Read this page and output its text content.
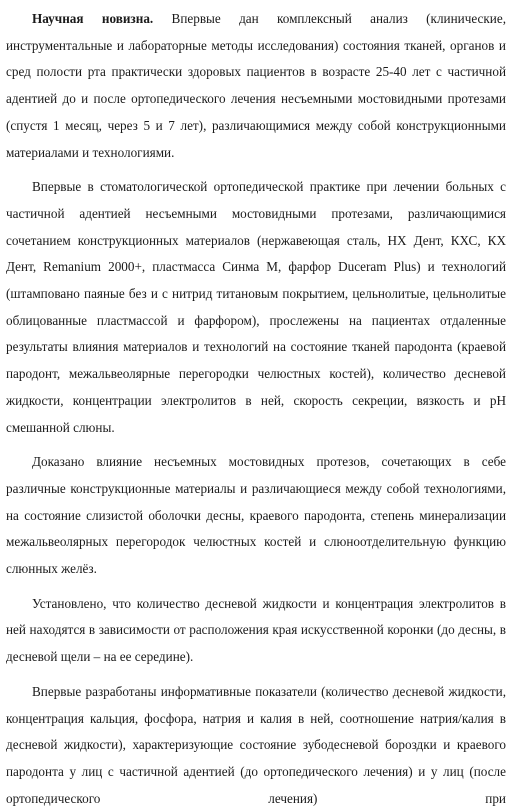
Научная новизна. Впервые дан комплексный анализ (клинические, инструментальные и лабораторные методы исследования) состояния тканей, органов и сред полости рта практически здоровых пациентов в возрасте 25-40 лет с частичной адентией до и после ортопедического лечения несъемными мостовидными протезами (спустя 1 месяц, через 5 и 7 лет), различающимися между собой конструкционными материалами и технологиями.

Впервые в стоматологической ортопедической практике при лечении больных с частичной адентией несъемными мостовидными протезами, различающимися сочетанием конструкционных материалов (нержавеющая сталь, НХ Дент, КХС, КХ Дент, Remanium 2000+, пластмасса Синма М, фарфор Duceram Plus) и технологий (штамповано паяные без и с нитрид титановым покрытием, цельнолитые, цельнолитые облицованные пластмассой и фарфором), прослежены на пациентах отдаленные результаты влияния материалов и технологий на состояние тканей пародонта (краевой пародонт, межальвеолярные перегородки челюстных костей), количество десневой жидкости, концентрации электролитов в ней, скорость секреции, вязкость и рН смешанной слюны.

Доказано влияние несъемных мостовидных протезов, сочетающих в себе различные конструкционные материалы и различающиеся между собой технологиями, на состояние слизистой оболочки десны, краевого пародонта, степень минерализации межальвеолярных перегородок челюстных костей и слюноотделительную функцию слюнных желёз.

Установлено, что количество десневой жидкости и концентрация электролитов в ней находятся в зависимости от расположения края искусственной коронки (до десны, в десневой щели – на ее середине).

Впервые разработаны информативные показатели (количество десневой жидкости, концентрация кальция, фосфора, натрия и калия в ней, соотношение натрия/калия в десневой жидкости), характеризующие состояние зубодесневой бороздки и краевого пародонта у лиц с частичной адентией (до ортопедического лечения) и у лиц (после ортопедического лечения) при
